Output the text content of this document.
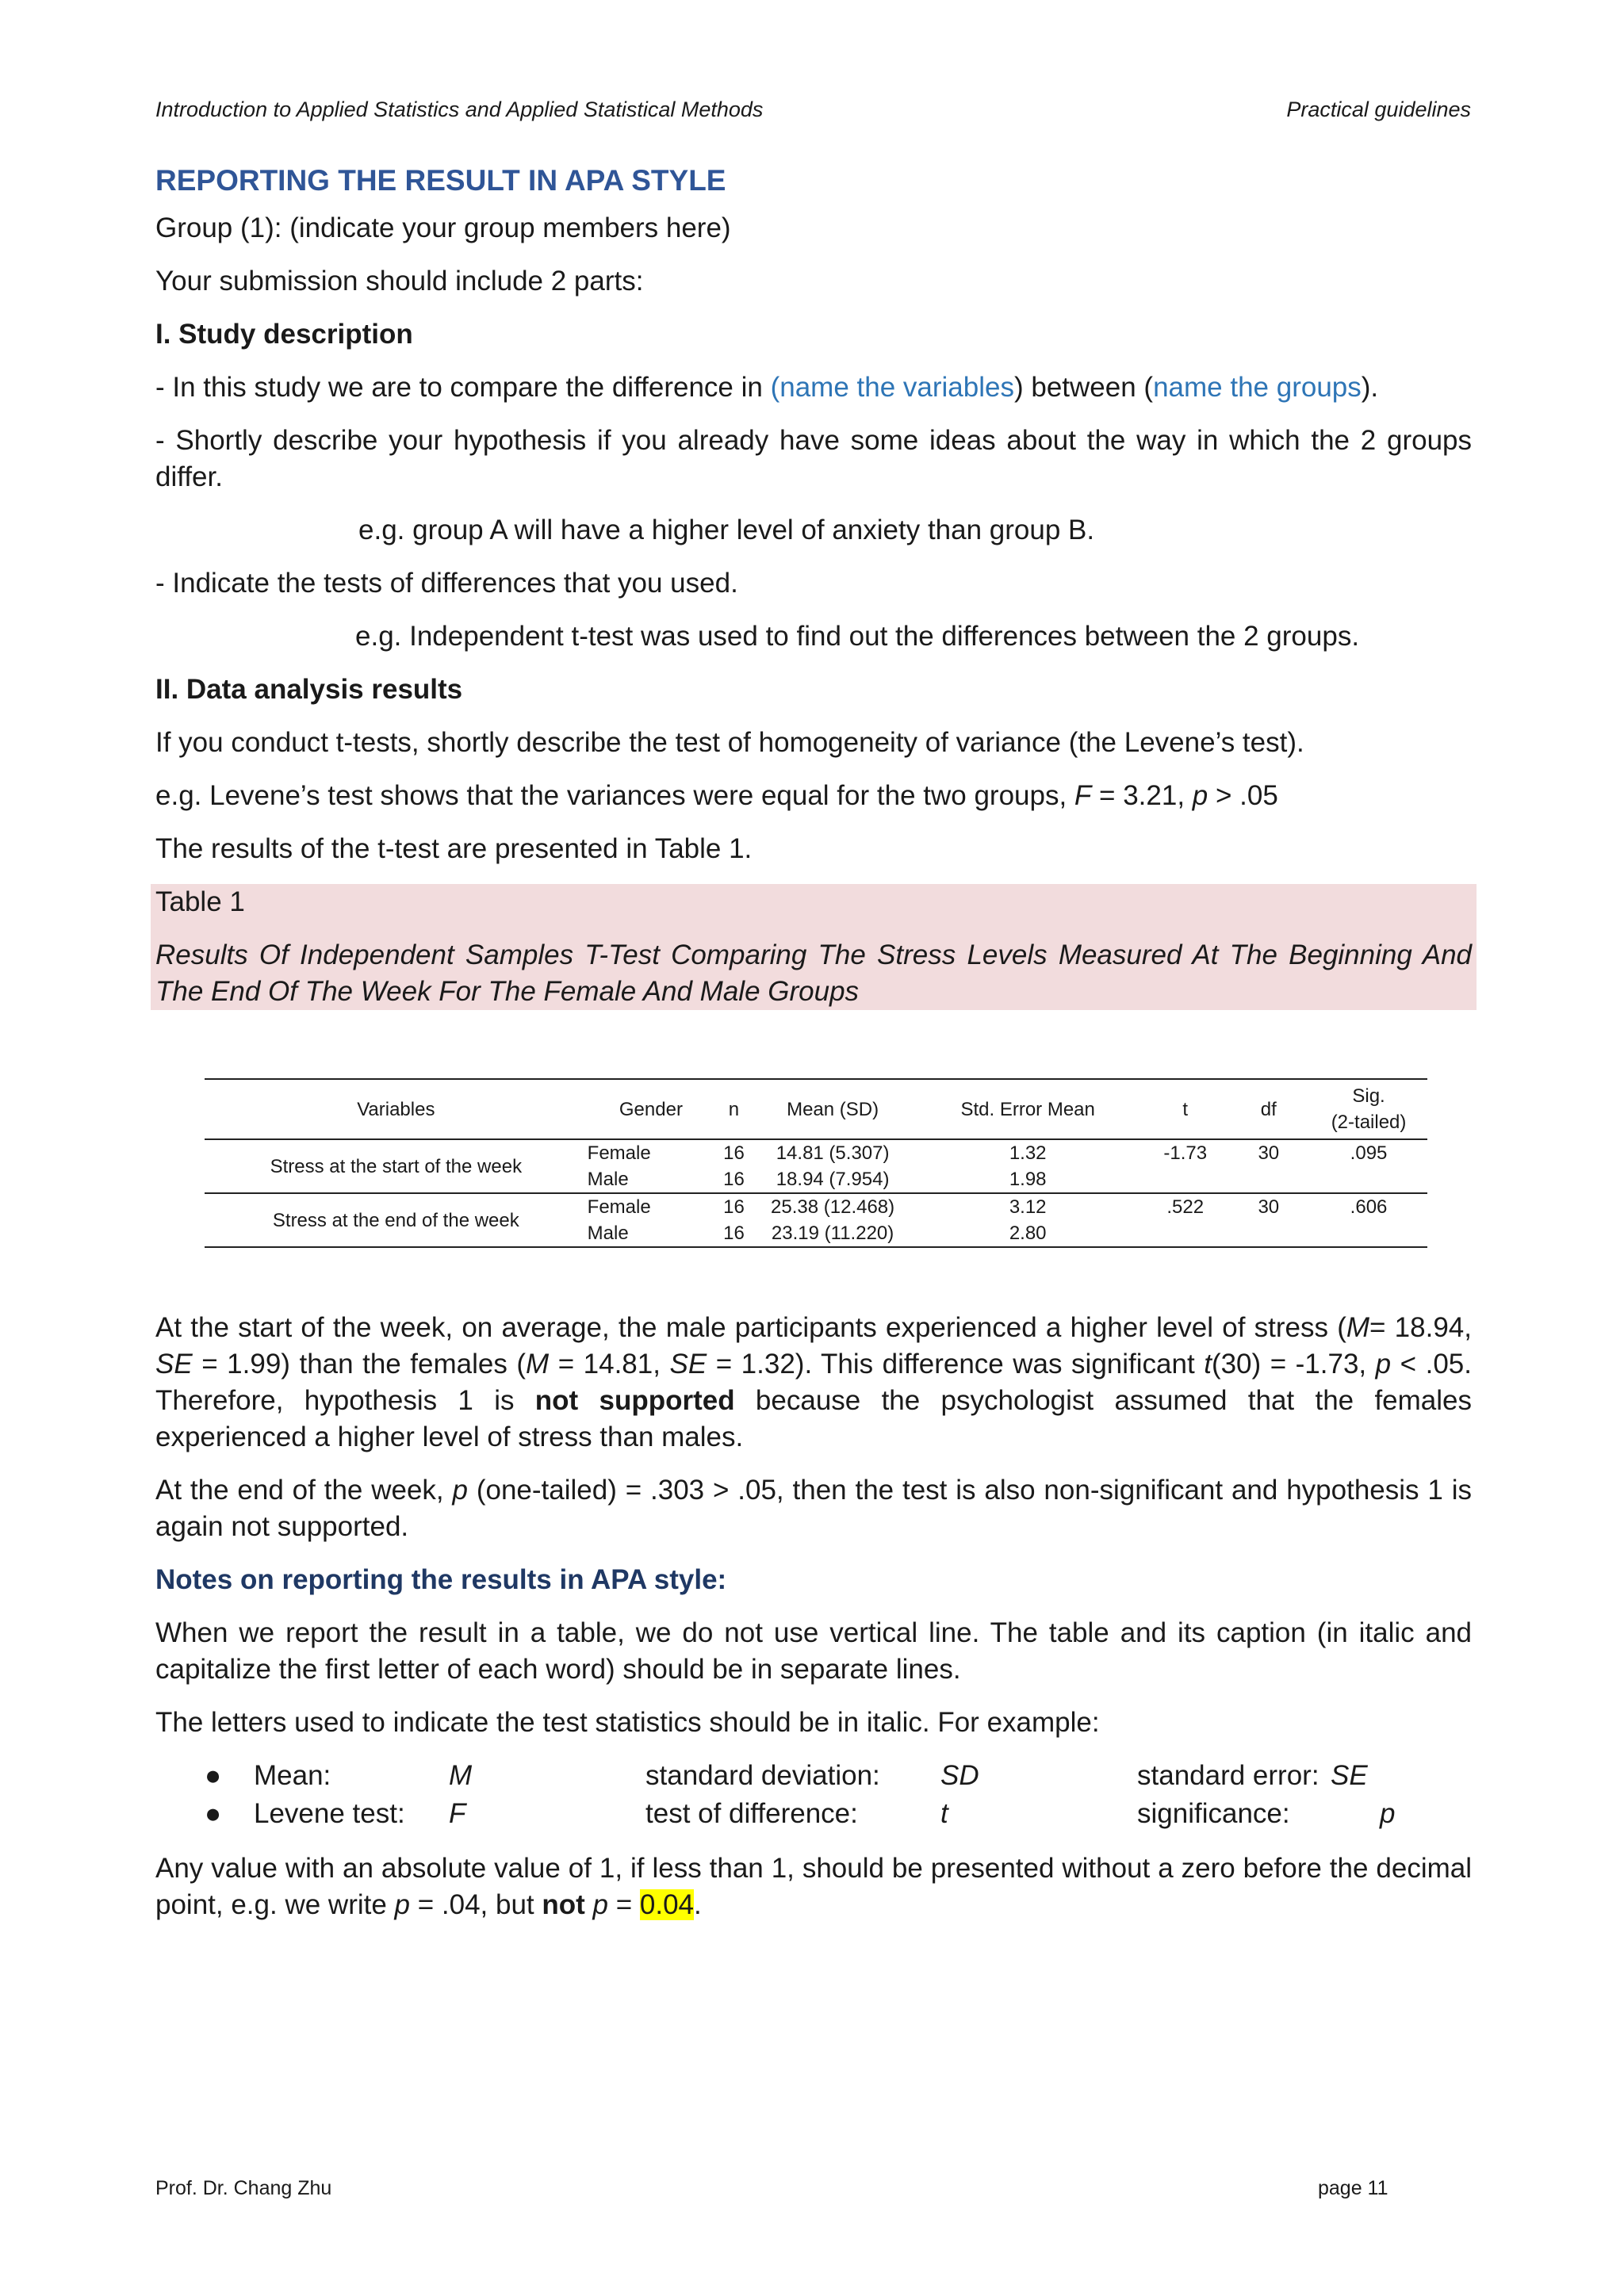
Introduction to Applied Statistics and Applied Statistical Methods	Practical guidelines
REPORTING THE RESULT IN APA STYLE

Group (1): (indicate your group members here)

Your submission should include 2 parts:

I. Study description

- In this study we are to compare the difference in (name the variables) between (name the groups).

- Shortly describe your hypothesis if you already have some ideas about the way in which the 2 groups differ.

e.g. group A will have a higher level of anxiety than group B.

- Indicate the tests of differences that you used.

e.g. Independent t-test was used to find out the differences between the 2 groups.

II. Data analysis results

If you conduct t-tests, shortly describe the test of homogeneity of variance (the Levene’s test).

e.g. Levene’s test shows that the variances were equal for the two groups, F = 3.21, p > .05

The results of the t-test are presented in Table 1.

Table 1

Results Of Independent Samples T-Test Comparing The Stress Levels Measured At The Beginning And The End Of The Week For The Female And Male Groups

Variables	Gender	n	Mean (SD)	Std. Error Mean	t	df	Sig.
(2-tailed)
Stress at the start of the week	Female	16	14.81 (5.307)	1.32	-1.73	30	.095
	Male	16	18.94 (7.954)	1.98			
Stress at the end of the week	Female	16	25.38 (12.468)	3.12	.522	30	.606
	Male	16	23.19 (11.220)	2.80			

At the start of the week, on average, the male participants experienced a higher level of stress (M= 18.94, SE = 1.99) than the females (M = 14.81, SE = 1.32). This difference was significant t(30) = -1.73, p < .05. Therefore, hypothesis 1 is not supported because the psychologist assumed that the females experienced a higher level of stress than males.

At the end of the week, p (one-tailed) = .303 > .05, then the test is also non-significant and hypothesis 1 is again not supported.

Notes on reporting the results in APA style:

When we report the result in a table, we do not use vertical line. The table and its caption (in italic and capitalize the first letter of each word) should be in separate lines.

The letters used to indicate the test statistics should be in italic. For example:

● Mean:	M	standard deviation: SD	standard error: SE
● Levene test: F	test of difference:	t	significance:	p

Any value with an absolute value of 1, if less than 1, should be presented without a zero before the decimal point, e.g. we write p = .04, but not p = 0.04.

Prof. Dr. Chang Zhu	page 11
